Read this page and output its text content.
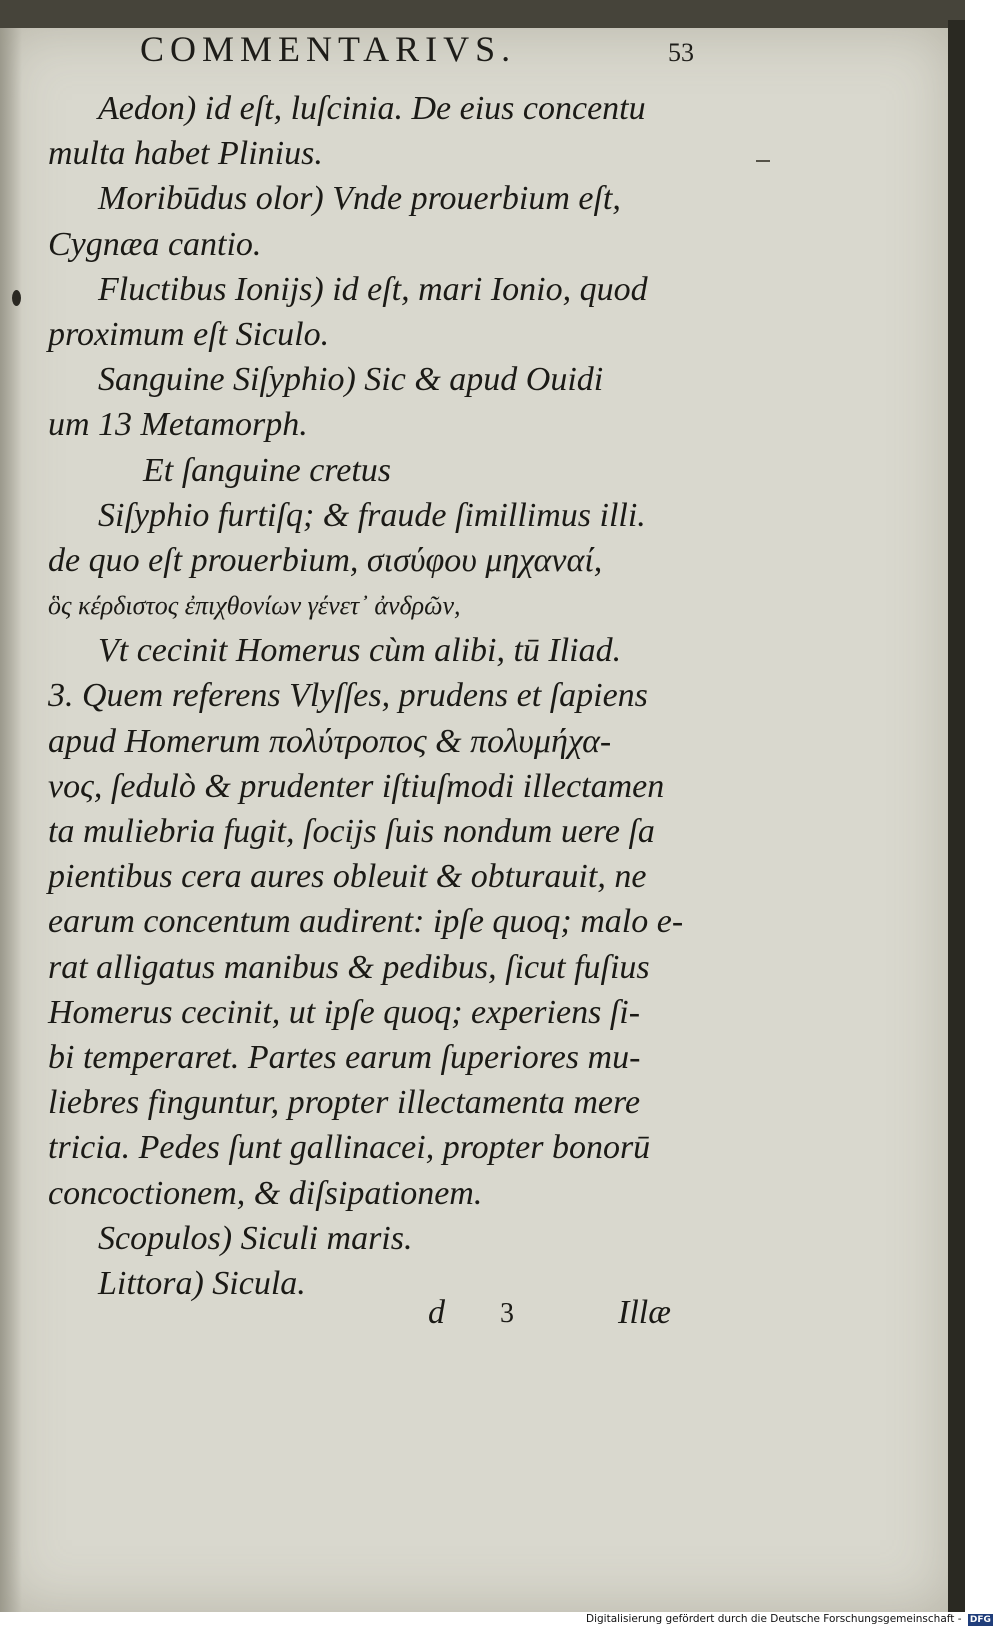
COMMENTARIVS.	53
Aedon) id eſt, luſcinia. De eius concentu
multa habet Plinius.
Moribūdus olor) Vnde prouerbium eſt,
Cygnæa cantio.
Fluctibus Ionijs) id eſt, mari Ionio, quod
proximum eſt Siculo.
Sanguine Siſyphio) Sic & apud Ouidi
um 13 Metamorph.
Et ſanguine cretus
Siſyphio furtiſq; & fraude ſimillimus illi.
de quo eſt prouerbium, σισύφου μηχαναί,
ὃς κέρδιστος ἐπιχθονίων γένετ᾽ ἀνδρῶν,
Vt cecinit Homerus cùm alibi, tū Iliad.
3. Quem referens Vlyſſes, prudens et ſapiens
apud Homerum πολύτροπος & πολυμήχα-
νος, ſedulò & prudenter iſtiuſmodi illectamen
ta muliebria fugit, ſocijs ſuis nondum uere ſa
pientibus cera aures obleuit & obturauit, ne
earum concentum audirent: ipſe quoq; malo e-
rat alligatus manibus & pedibus, ſicut fuſius
Homerus cecinit, ut ipſe quoq; experiens ſi-
bi temperaret. Partes earum ſuperiores mu-
liebres finguntur, propter illectamenta mere
tricia. Pedes ſunt gallinacei, propter bonorū
concoctionem, & diſsipationem.
Scopulos) Siculi maris.
Littora) Sicula.
d 3	Illæ
Digitalisierung gefördert durch die Deutsche Forschungsgemeinschaft - DFG
